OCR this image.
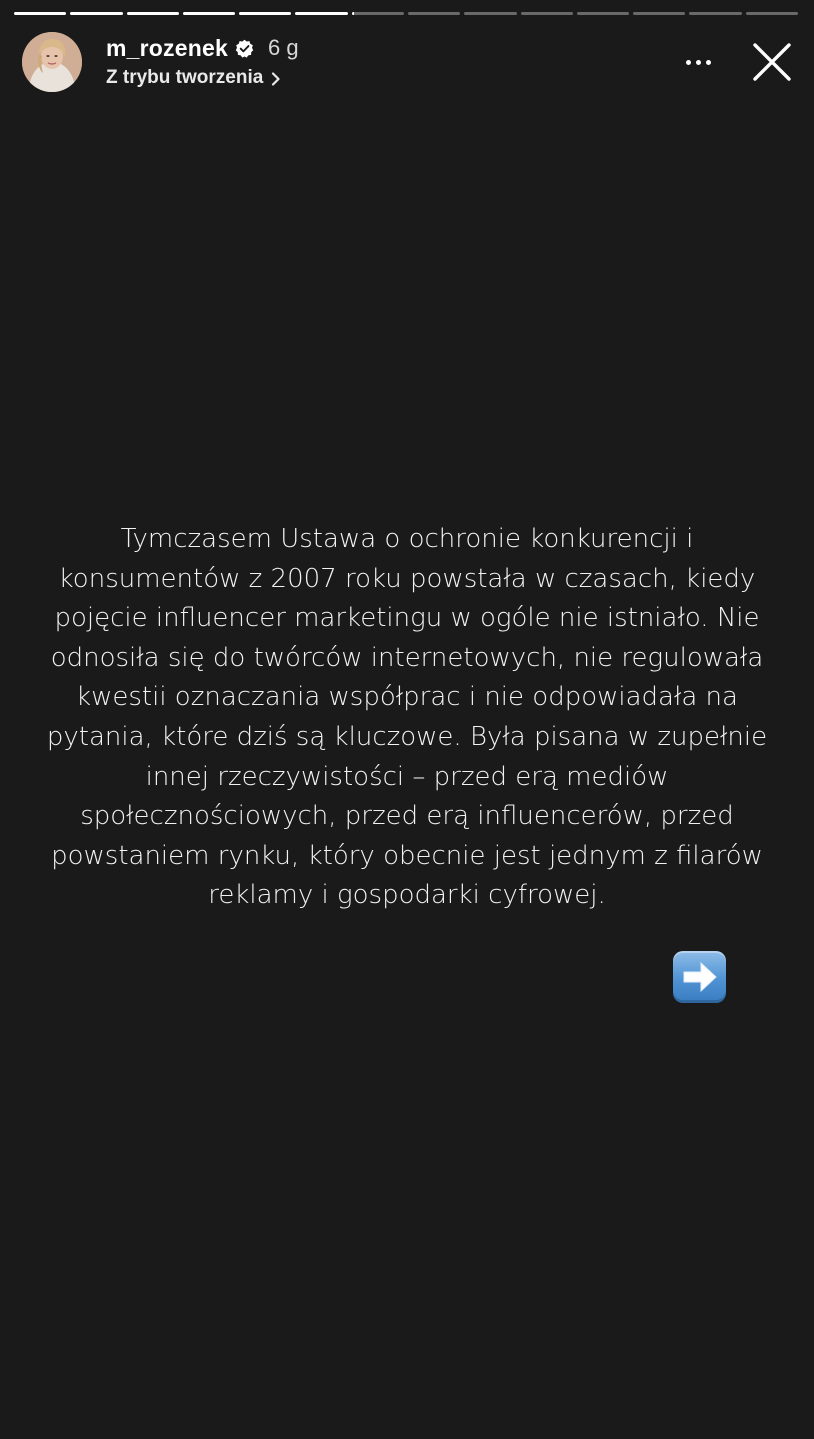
m_rozenek 6 g
Z trybu tworzenia
Tymczasem Ustawa o ochronie konkurencji i konsumentów z 2007 roku powstała w czasach, kiedy pojęcie influencer marketingu w ogóle nie istniało. Nie odnosiła się do twórców internetowych, nie regulowała kwestii oznaczania współprac i nie odpowiadała na pytania, które dziś są kluczowe. Była pisana w zupełnie innej rzeczywistości – przed erą mediów społecznościowych, przed erą influencerów, przed powstaniem rynku, który obecnie jest jednym z filarów reklamy i gospodarki cyfrowej.
